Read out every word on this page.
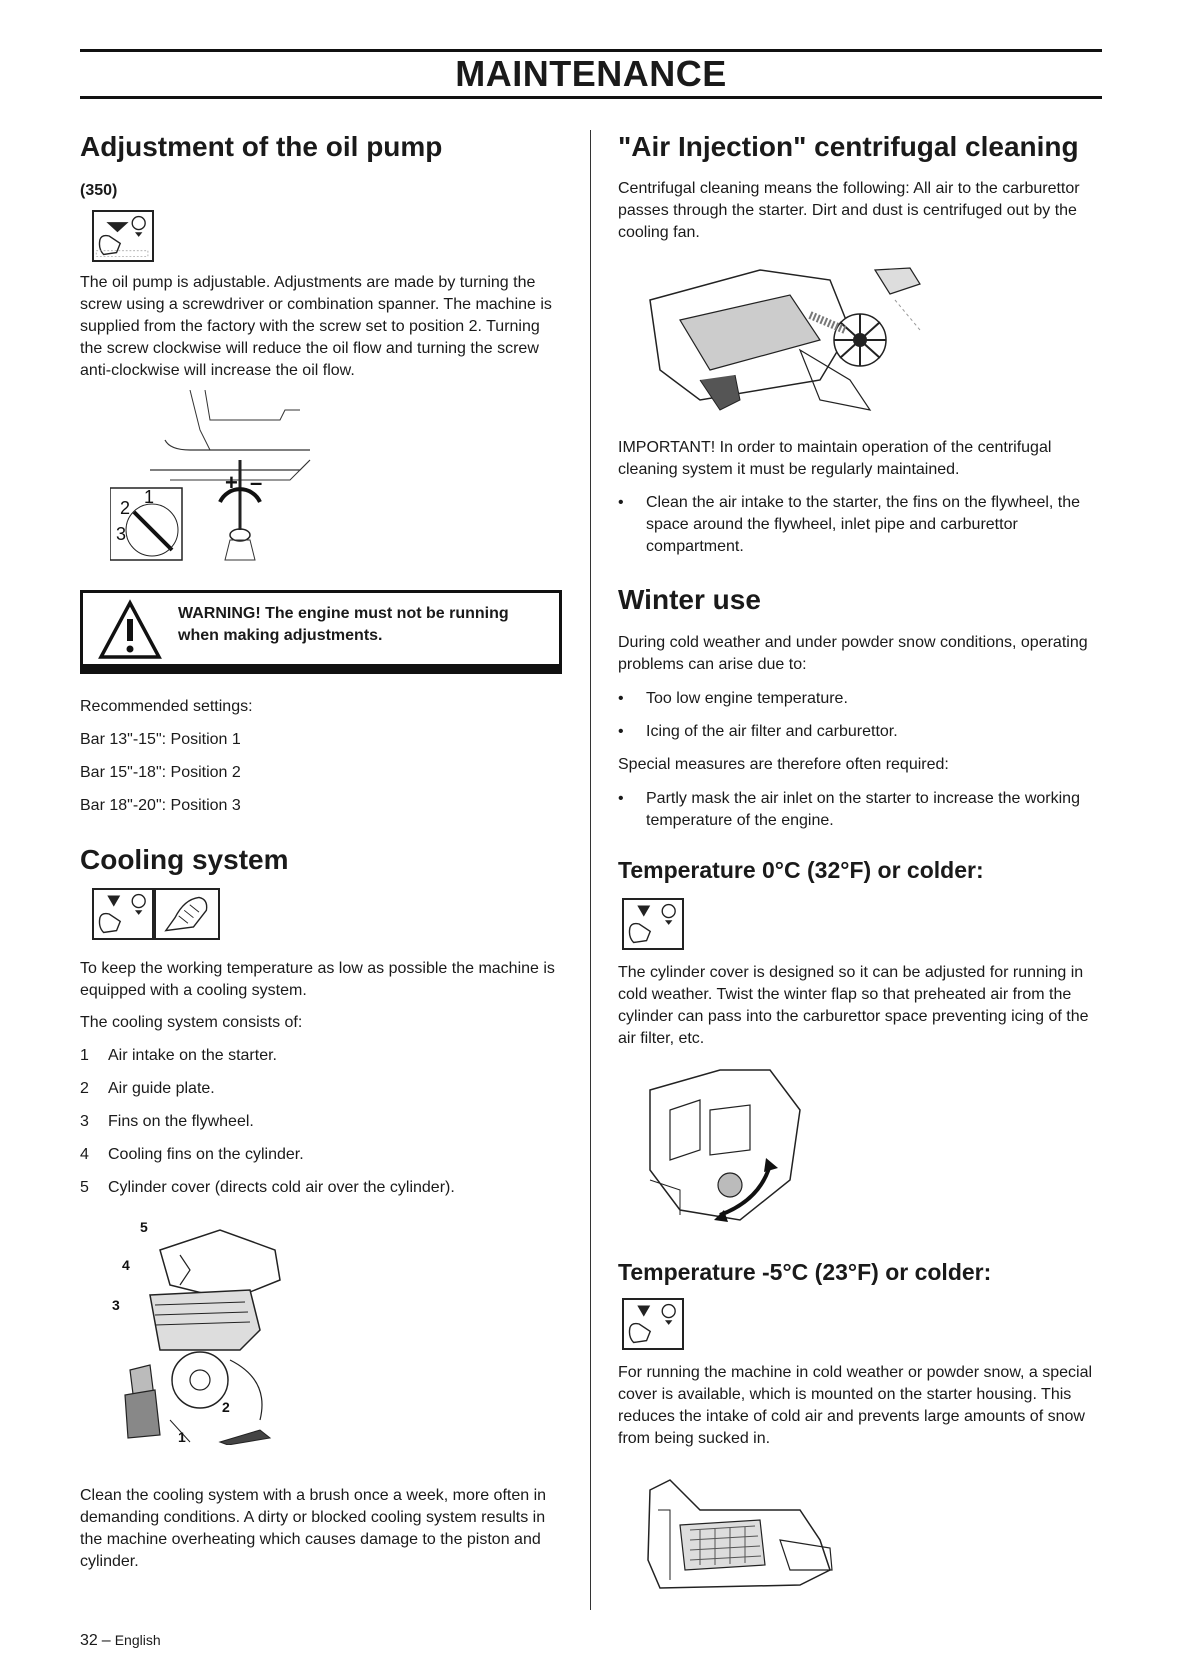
MAINTENANCE
Adjustment of the oil pump
(350)

The oil pump is adjustable. Adjustments are made by turning the screw using a screwdriver or combination spanner. The machine is supplied from the factory with the screw set to position 2. Turning the screw clockwise will reduce the oil flow and turning the screw anti-clockwise will increase the oil flow.

+ –
2
1
3
WARNING! The engine must not be running when making adjustments.

Recommended settings:

Bar 13"-15": Position 1

Bar 15"-18": Position 2

Bar 18"-20": Position 3

Cooling system

To keep the working temperature as low as possible the machine is equipped with a cooling system.

The cooling system consists of:

1	Air intake on the starter.
2	Air guide plate.
3	Fins on the flywheel.
4	Cooling fins on the cylinder.
5	Cylinder cover (directs cold air over the cylinder).
5
4
3
2
1

Clean the cooling system with a brush once a week, more often in demanding conditions. A dirty or blocked cooling system results in the machine overheating which causes damage to the piston and cylinder.

"Air Injection" centrifugal cleaning

Centrifugal cleaning means the following: All air to the carburettor passes through the starter. Dirt and dust is centrifuged out by the cooling fan.

IMPORTANT! In order to maintain operation of the centrifugal cleaning system it must be regularly maintained.

•	Clean the air intake to the starter, the fins on the flywheel, the space around the flywheel, inlet pipe and carburettor compartment.
Winter use

During cold weather and under powder snow conditions, operating problems can arise due to:

•	Too low engine temperature.
•	Icing of the air filter and carburettor.

Special measures are therefore often required:

•	Partly mask the air inlet on the starter to increase the working temperature of the engine.
Temperature 0°C (32°F) or colder:

The cylinder cover is designed so it can be adjusted for running in cold weather. Twist the winter flap so that preheated air from the cylinder can pass into the carburettor space preventing icing of the air filter, etc.

Temperature -5°C (23°F) or colder:

For running the machine in cold weather or powder snow, a special cover is available, which is mounted on the starter housing. This reduces the intake of cold air and prevents large amounts of snow from being sucked in.

32 – English
